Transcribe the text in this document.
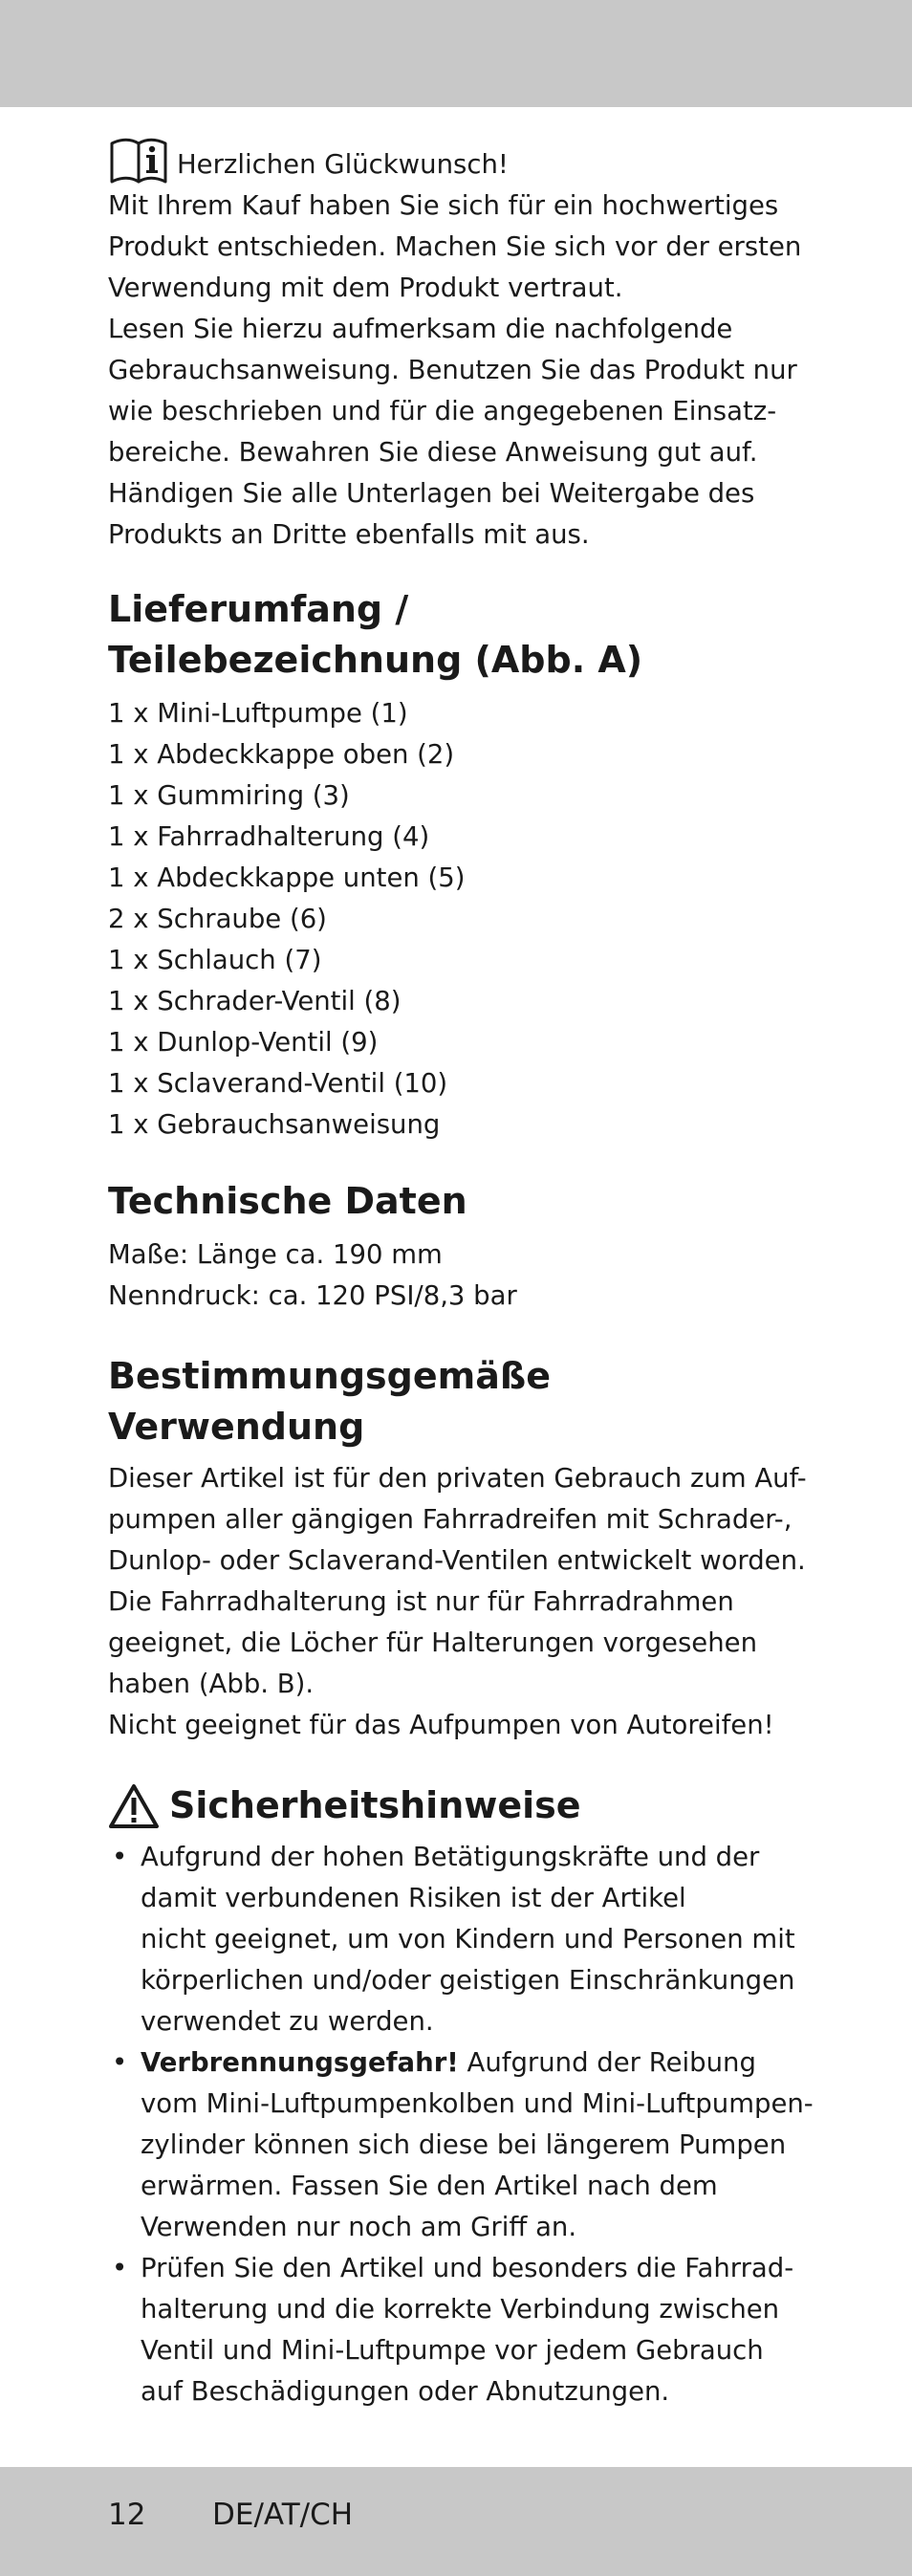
Herzlichen Glückwunsch!

Mit Ihrem Kauf haben Sie sich für ein hochwertiges

Produkt entschieden. Machen Sie sich vor der ersten

Verwendung mit dem Produkt vertraut.

Lesen Sie hierzu aufmerksam die nachfolgende

Gebrauchsanweisung. Benutzen Sie das Produkt nur

wie beschrieben und für die angegebenen Einsatz-

bereiche. Bewahren Sie diese Anweisung gut auf.

Händigen Sie alle Unterlagen bei Weitergabe des

Produkts an Dritte ebenfalls mit aus.

Lieferumfang /
Teilebezeichnung (Abb. A)

1 x Mini-Luftpumpe (1)

1 x Abdeckkappe oben (2)

1 x Gummiring (3)

1 x Fahrradhalterung (4)

1 x Abdeckkappe unten (5)

2 x Schraube (6)

1 x Schlauch (7)

1 x Schrader-Ventil (8)

1 x Dunlop-Ventil (9)

1 x Sclaverand-Ventil (10)

1 x Gebrauchsanweisung

Technische Daten

Maße: Länge ca. 190 mm

Nenndruck: ca. 120 PSI/8,3 bar

Bestimmungsgemäße
Verwendung

Dieser Artikel ist für den privaten Gebrauch zum Auf-

pumpen aller gängigen Fahrradreifen mit Schrader-,

Dunlop- oder Sclaverand-Ventilen entwickelt worden.

Die Fahrradhalterung ist nur für Fahrradrahmen

geeignet, die Löcher für Halterungen vorgesehen

haben (Abb. B).

Nicht geeignet für das Aufpumpen von Autoreifen!

Sicherheitshinweise
• Aufgrund der hohen Betätigungskräfte und der

damit verbundenen Risiken ist der Artikel

nicht geeignet, um von Kindern und Personen mit

körperlichen und/oder geistigen Einschränkungen

verwendet zu werden.

• Verbrennungsgefahr! Aufgrund der Reibung

vom Mini-Luftpumpenkolben und Mini-Luftpumpen-

zylinder können sich diese bei längerem Pumpen

erwärmen. Fassen Sie den Artikel nach dem

Verwenden nur noch am Griff an.

• Prüfen Sie den Artikel und besonders die Fahrrad-

halterung und die korrekte Verbindung zwischen

Ventil und Mini-Luftpumpe vor jedem Gebrauch

auf Beschädigungen oder Abnutzungen.

12 DE/AT/CH
